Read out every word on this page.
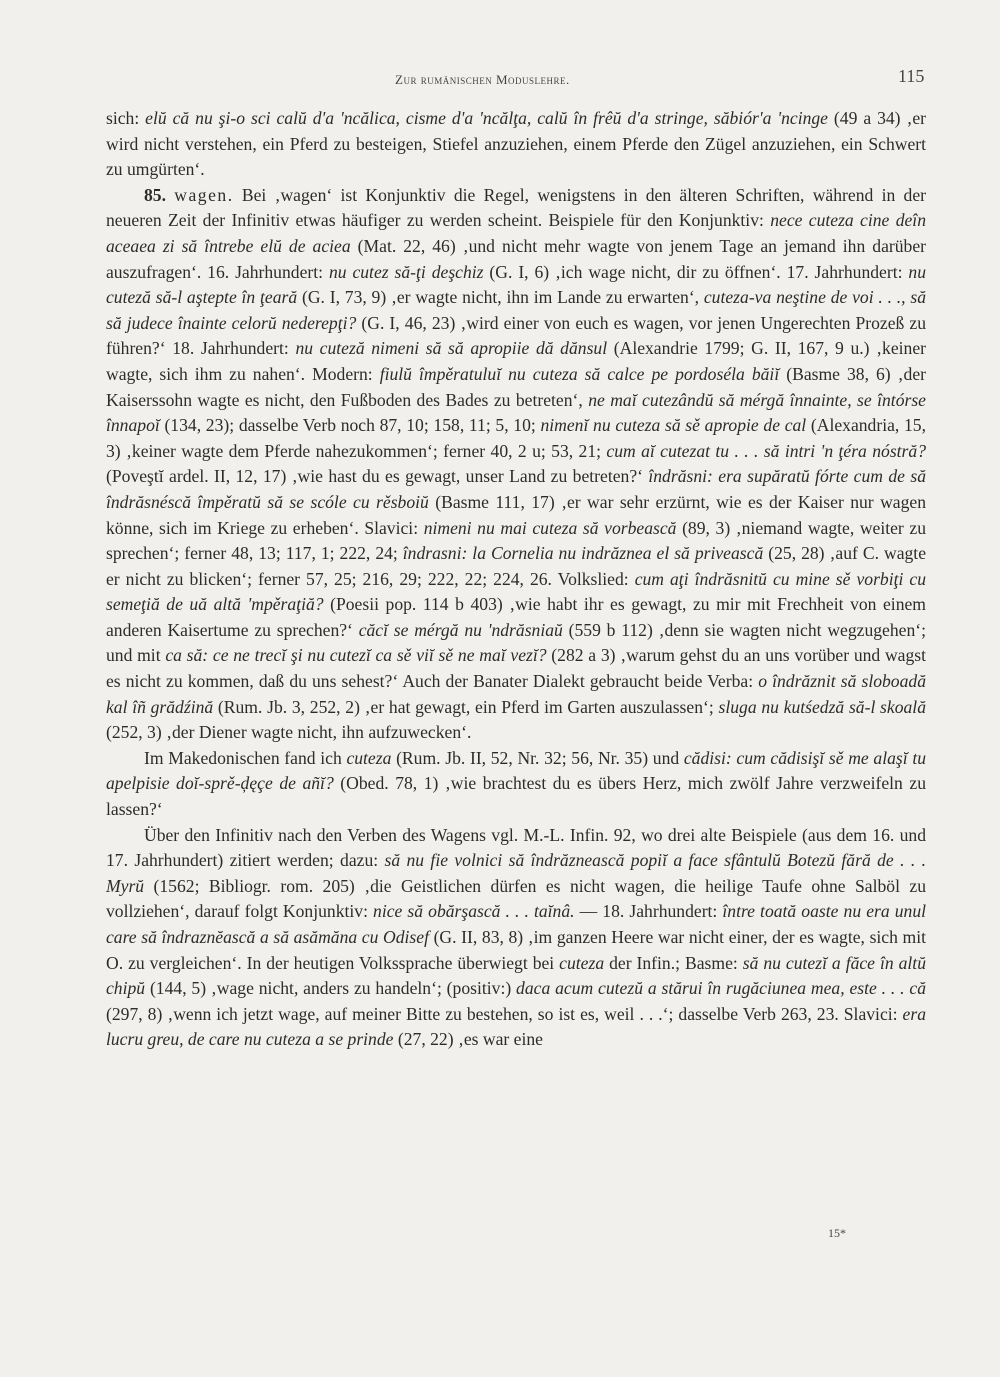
Zur rumänischen Moduslehre.	115

sich: elŭ că nu şi-o sci calŭ d'a 'ncălica, cisme d'a 'ncălţa, calŭ în frêŭ d'a stringe, săbiór'a 'ncinge (49 a 34) ‚er wird nicht verstehen, ein Pferd zu besteigen, Stiefel anzuziehen, einem Pferde den Zügel anzuziehen, ein Schwert zu umgürten‘.

85. wagen. Bei ‚wagen‘ ist Konjunktiv die Regel, wenigstens in den älteren Schriften, während in der neueren Zeit der Infinitiv etwas häufiger zu werden scheint. Beispiele für den Konjunktiv: nece cuteza cine deîn aceaea zi să întrebe elŭ de aciea (Mat. 22, 46) ‚und nicht mehr wagte von jenem Tage an jemand ihn darüber auszufragen‘. 16. Jahrhundert: nu cutez să-ţi deşchiz (G. I, 6) ‚ich wage nicht, dir zu öffnen‘. 17. Jahrhundert: nu cuteză să-l aştepte în ţeară (G. I, 73, 9) ‚er wagte nicht, ihn im Lande zu erwarten‘, cuteza-va neştine de voi . . ., să să judece înainte celorŭ nederepţi? (G. I, 46, 23) ‚wird einer von euch es wagen, vor jenen Ungerechten Prozeß zu führen?‘ 18. Jahrhundert: nu cuteză nimeni să să apropiie dă dănsul (Alexandrie 1799; G. II, 167, 9 u.) ‚keiner wagte, sich ihm zu nahen‘. Modern: fiulŭ împěratuluĭ nu cuteza să calce pe pordoséla băiĭ (Basme 38, 6) ‚der Kaiserssohn wagte es nicht, den Fußboden des Bades zu betreten‘, ne maĭ cutezândŭ să mérgă înnainte, se întórse înnapoĭ (134, 23); dasselbe Verb noch 87, 10; 158, 11; 5, 10; nimenĭ nu cuteza să sě apropie de cal (Alexandria, 15, 3) ‚keiner wagte dem Pferde nahezukommen‘; ferner 40, 2 u; 53, 21; cum aĭ cutezat tu . . . să intri 'n ţéra nóstră? (Poveştĭ ardel. II, 12, 17) ‚wie hast du es gewagt, unser Land zu betreten?‘ îndrăsni: era supăratŭ fórte cum de să îndrăsnéscă împěratŭ să se scóle cu rěsboiŭ (Basme 111, 17) ‚er war sehr erzürnt, wie es der Kaiser nur wagen könne, sich im Kriege zu erheben‘. Slavici: nimeni nu mai cuteza să vorbească (89, 3) ‚niemand wagte, weiter zu sprechen‘; ferner 48, 13; 117, 1; 222, 24; îndrasni: la Cornelia nu indrăznea el să privească (25, 28) ‚auf C. wagte er nicht zu blicken‘; ferner 57, 25; 216, 29; 222, 22; 224, 26. Volkslied: cum aţi îndrăsnitŭ cu mine sě vorbiţi cu semeţiă de uă altă 'mpěraţiă? (Poesii pop. 114 b 403) ‚wie habt ihr es gewagt, zu mir mit Frechheit von einem anderen Kaisertume zu sprechen?‘ căcĭ se mérgă nu 'ndrăsniaŭ (559 b 112) ‚denn sie wagten nicht wegzugehen‘; und mit ca să: ce ne trecĭ şi nu cutezĭ ca sě viĭ sě ne maĭ vezĭ? (282 a 3) ‚warum gehst du an uns vorüber und wagst es nicht zu kommen, daß du uns sehest?‘ Auch der Banater Dialekt gebraucht beide Verba: o îndrăznit să sloboadă kal îñ grădźină (Rum. Jb. 3, 252, 2) ‚er hat gewagt, ein Pferd im Garten auszulassen‘; sluga nu kutśedză să-l skoală (252, 3) ‚der Diener wagte nicht, ihn aufzuwecken‘.

Im Makedonischen fand ich cuteza (Rum. Jb. II, 52, Nr. 32; 56, Nr. 35) und cădisi: cum cădisişĭ sě me alaşĭ tu apelpisie doĭ-sprě-ḑęçe de añĭ? (Obed. 78, 1) ‚wie brachtest du es übers Herz, mich zwölf Jahre verzweifeln zu lassen?‘

Über den Infinitiv nach den Verben des Wagens vgl. M.-L. Infin. 92, wo drei alte Beispiele (aus dem 16. und 17. Jahrhundert) zitiert werden; dazu: să nu fie volnici să îndrăznească popiĭ a face sfântulŭ Botezŭ fără de . . . Myrŭ (1562; Bibliogr. rom. 205) ‚die Geistlichen dürfen es nicht wagen, die heilige Taufe ohne Salböl zu vollziehen‘, darauf folgt Konjunktiv: nice să obărşască . . . taĭnâ. — 18. Jahrhundert: între toată oaste nu era unul care să îndraznĕască a să asămăna cu Odisef (G. II, 83, 8) ‚im ganzen Heere war nicht einer, der es wagte, sich mit O. zu vergleichen‘. In der heutigen Volkssprache überwiegt bei cuteza der Infin.; Basme: să nu cutezĭ a făce în altŭ chipŭ (144, 5) ‚wage nicht, anders zu handeln‘; (positiv:) daca acum cutezŭ a stărui în rugăciunea mea, este . . . că (297, 8) ‚wenn ich jetzt wage, auf meiner Bitte zu bestehen, so ist es, weil . . .‘; dasselbe Verb 263, 23. Slavici: era lucru greu, de care nu cuteza a se prinde (27, 22) ‚es war eine

15*
